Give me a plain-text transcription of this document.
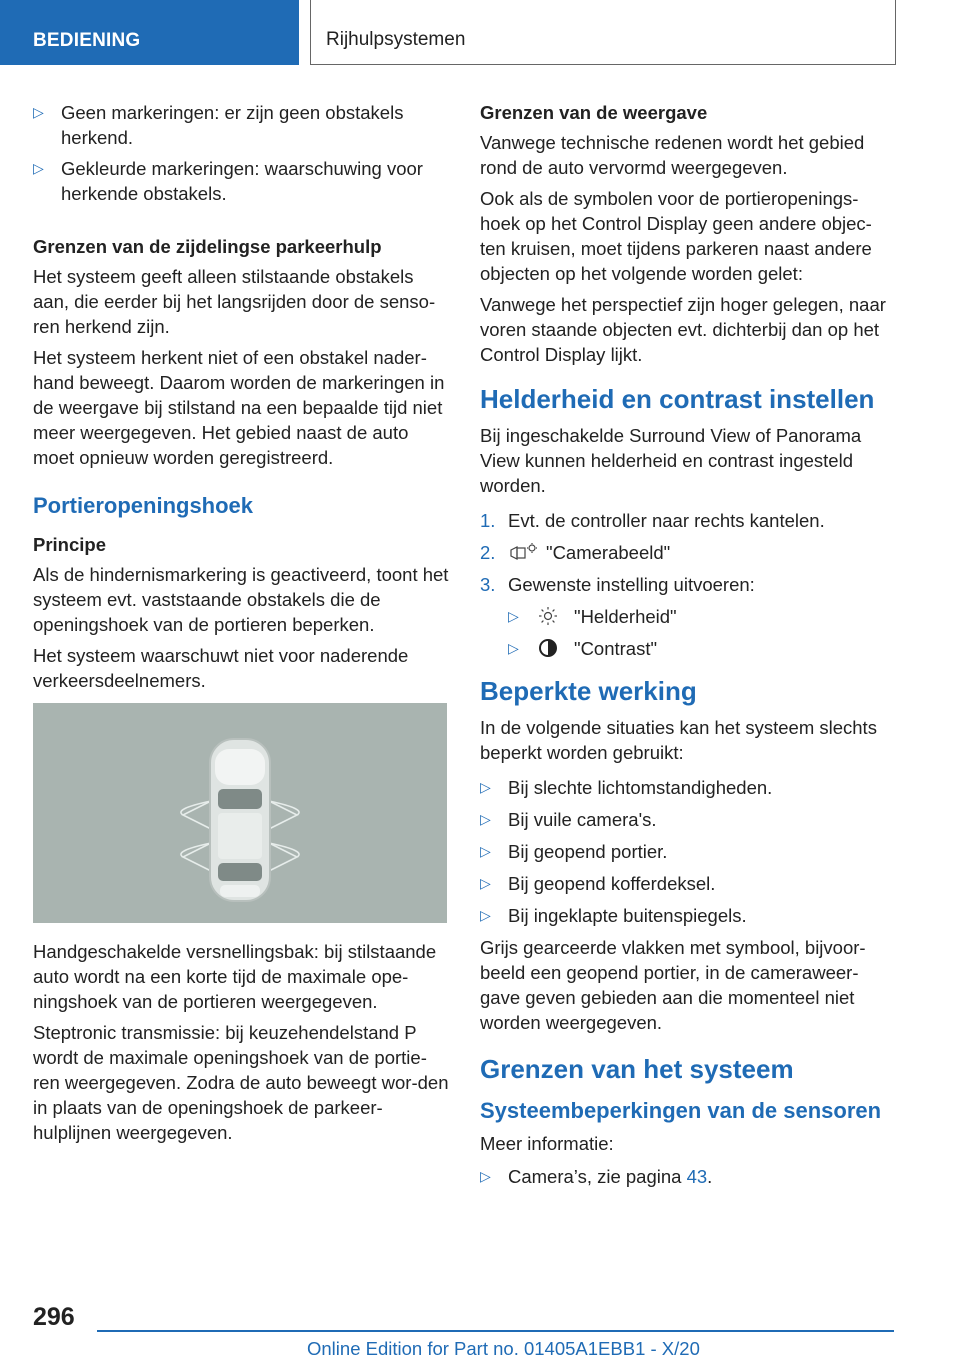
BEDIENING	Rijhulpsystemen
▷ Geen markeringen: er zijn geen obstakels herkend.
▷ Gekleurde markeringen: waarschuwing voor herkende obstakels.
Grenzen van de zijdelingse parkeerhulp

Het systeem geeft alleen stilstaande obstakels aan, die eerder bij het langsrijden door de senso‐ren herkend zijn.

Het systeem herkent niet of een obstakel nader‐hand beweegt. Daarom worden de markeringen in de weergave bij stilstand na een bepaalde tijd niet meer weergegeven. Het gebied naast de auto moet opnieuw worden geregistreerd.

Portieropeningshoek
Principe

Als de hindernismarkering is geactiveerd, toont het systeem evt. vaststaande obstakels die de openingshoek van de portieren beperken.

Het systeem waarschuwt niet voor naderende verkeersdeelnemers.

Handgeschakelde versnellingsbak: bij stilstaande auto wordt na een korte tijd de maximale ope‐ningshoek van de portieren weergegeven.

Steptronic transmissie: bij keuzehendelstand P wordt de maximale openingshoek van de portie‐ren weergegeven. Zodra de auto beweegt wor‐den in plaats van de openingshoek de parkeer‐hulplijnen weergegeven.

Grenzen van de weergave

Vanwege technische redenen wordt het gebied rond de auto vervormd weergegeven.

Ook als de symbolen voor de portieropenings‐hoek op het Control Display geen andere objec‐ten kruisen, moet tijdens parkeren naast andere objecten op het volgende worden gelet:

Vanwege het perspectief zijn hoger gelegen, naar voren staande objecten evt. dichterbij dan op het Control Display lijkt.

Helderheid en contrast instellen

Bij ingeschakelde Surround View of Panorama View kunnen helderheid en contrast ingesteld worden.

1. Evt. de controller naar rechts kantelen.
2.	"Camerabeeld"
3. Gewenste instelling uitvoeren:
▷	"Helderheid"
▷	"Contrast"
Beperkte werking

In de volgende situaties kan het systeem slechts beperkt worden gebruikt:

▷ Bij slechte lichtomstandigheden.
▷ Bij vuile camera's.
▷ Bij geopend portier.
▷ Bij geopend kofferdeksel.
▷ Bij ingeklapte buitenspiegels.

Grijs gearceerde vlakken met symbool, bijvoor‐beeld een geopend portier, in de cameraweer‐gave geven gebieden aan die momenteel niet worden weergegeven.

Grenzen van het systeem
Systeembeperkingen van de sensoren

Meer informatie:

▷ Camera’s, zie pagina 43.
296
Online Edition for Part no. 01405A1EBB1 - X/20
